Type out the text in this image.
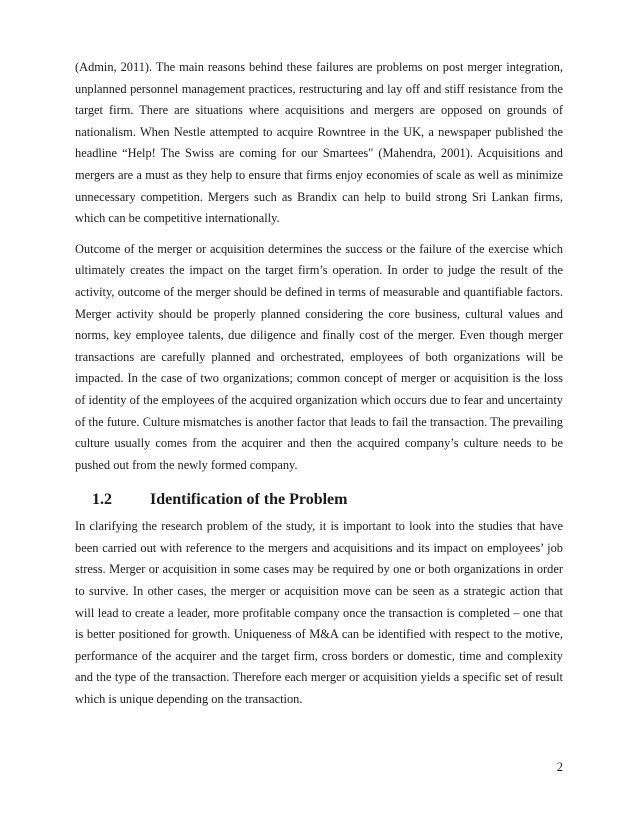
(Admin, 2011). The main reasons behind these failures are problems on post merger integration, unplanned personnel management practices, restructuring and lay off and stiff resistance from the target firm. There are situations where acquisitions and mergers are opposed on grounds of nationalism. When Nestle attempted to acquire Rowntree in the UK, a newspaper published the headline “Help! The Swiss are coming for our Smartees" (Mahendra, 2001). Acquisitions and mergers are a must as they help to ensure that firms enjoy economies of scale as well as minimize unnecessary competition. Mergers such as Brandix can help to build strong Sri Lankan firms, which can be competitive internationally.

Outcome of the merger or acquisition determines the success or the failure of the exercise which ultimately creates the impact on the target firm’s operation. In order to judge the result of the activity, outcome of the merger should be defined in terms of measurable and quantifiable factors. Merger activity should be properly planned considering the core business, cultural values and norms, key employee talents, due diligence and finally cost of the merger. Even though merger transactions are carefully planned and orchestrated, employees of both organizations will be impacted. In the case of two organizations; common concept of merger or acquisition is the loss of identity of the employees of the acquired organization which occurs due to fear and uncertainty of the future. Culture mismatches is another factor that leads to fail the transaction. The prevailing culture usually comes from the acquirer and then the acquired company’s culture needs to be pushed out from the newly formed company.

1.2	Identification of the Problem

In clarifying the research problem of the study, it is important to look into the studies that have been carried out with reference to the mergers and acquisitions and its impact on employees’ job stress. Merger or acquisition in some cases may be required by one or both organizations in order to survive. In other cases, the merger or acquisition move can be seen as a strategic action that will lead to create a leader, more profitable company once the transaction is completed – one that is better positioned for growth. Uniqueness of M&A can be identified with respect to the motive, performance of the acquirer and the target firm, cross borders or domestic, time and complexity and the type of the transaction. Therefore each merger or acquisition yields a specific set of result which is unique depending on the transaction.

2
